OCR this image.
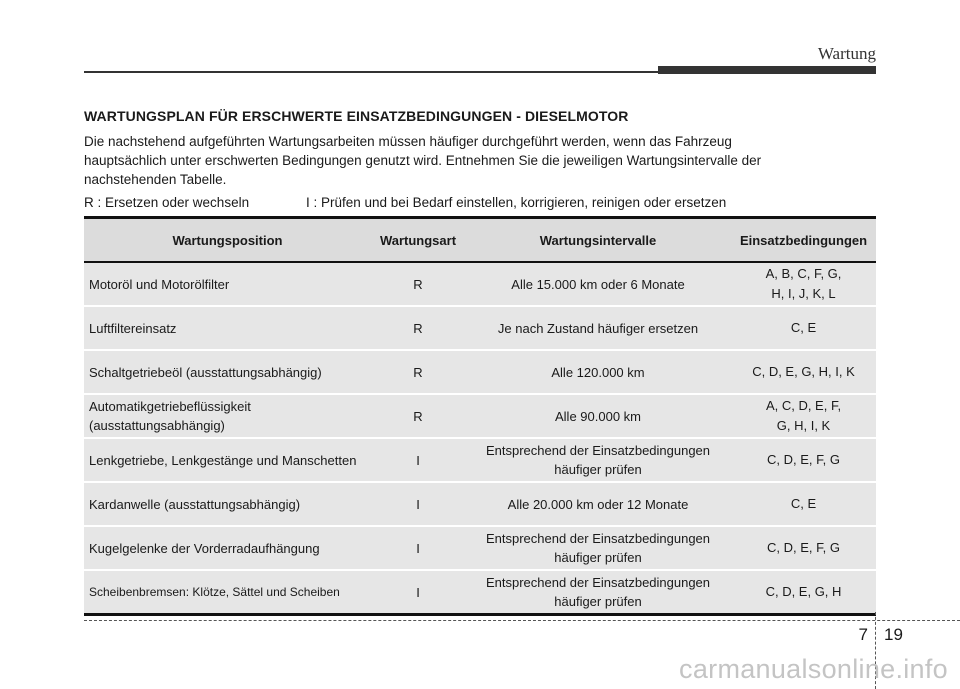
Wartung
WARTUNGSPLAN FÜR ERSCHWERTE EINSATZBEDINGUNGEN - DIESELMOTOR
Die nachstehend aufgeführten Wartungsarbeiten müssen häufiger durchgeführt werden, wenn das Fahrzeug
hauptsächlich unter erschwerten Bedingungen genutzt wird. Entnehmen Sie die jeweiligen Wartungsintervalle der
nachstehenden Tabelle.
R : Ersetzen oder wechseln	I : Prüfen und bei Bedarf einstellen, korrigieren, reinigen oder ersetzen
Wartungsposition	Wartungsart	Wartungsintervalle	Einsatzbedingungen

Motoröl und Motorölfilter	R	Alle 15.000 km oder 6 Monate	A, B, C, F, G,
H, I, J, K, L

Luftfiltereinsatz	R	Je nach Zustand häufiger ersetzen	C, E

Schaltgetriebeöl (ausstattungsabhängig)	R	Alle 120.000 km	C, D, E, G, H, I, K

Automatikgetriebeflüssigkeit
(ausstattungsabhängig)	R	Alle 90.000 km	A, C, D, E, F,
G, H, I, K

Lenkgetriebe, Lenkgestänge und Manschetten	I	Entsprechend der Einsatzbedingungen
häufiger prüfen	C, D, E, F, G

Kardanwelle (ausstattungsabhängig)	I	Alle 20.000 km oder 12 Monate	C, E

Kugelgelenke der Vorderradaufhängung	I	Entsprechend der Einsatzbedingungen
häufiger prüfen	C, D, E, F, G

Scheibenbremsen: Klötze, Sättel und Scheiben	I	Entsprechend der Einsatzbedingungen
häufiger prüfen	C, D, E, G, H
7 19
carmanualsonline.info
